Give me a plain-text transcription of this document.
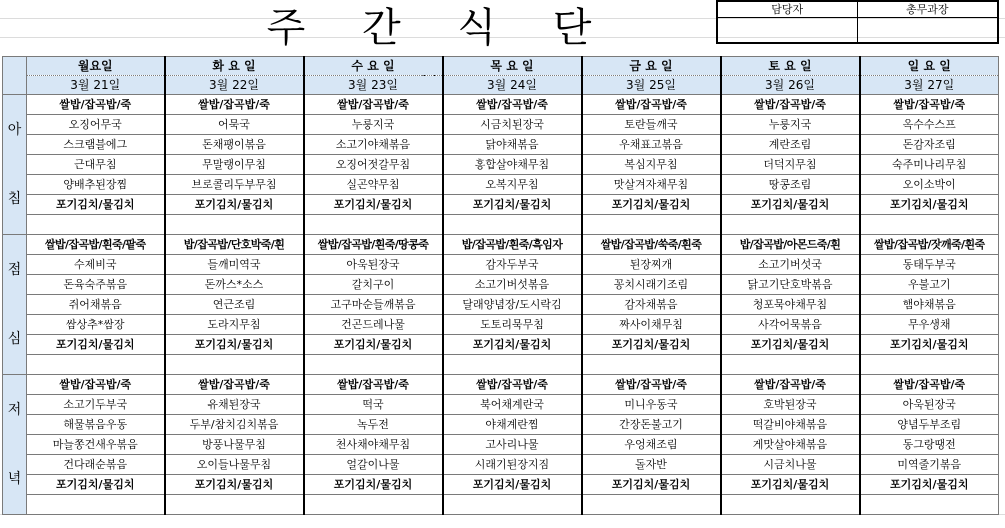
주 간 식 단	담당자	총무과장
	월요일	화 요 일	수 요 일	목 요 일	금 요 일	토 요 일	일 요 일
	3월 21일	3월 22일	3월 23일	3월 24일	3월 25일	3월 26일	3월 27일

아
침	쌀밥/잡곡밥/죽	쌀밥/잡곡밥/죽	쌀밥/잡곡밥/죽	쌀밥/잡곡밥/죽	쌀밥/잡곡밥/죽	쌀밥/잡곡밥/죽	쌀밥/잡곡밥/죽
	오징어무국	어묵국	누룽지국	시금치된장국	토란들깨국	누룽지국	옥수수스프
	스크램블에그	돈채팽이볶음	소고기야채볶음	닭야채볶음	우채표고볶음	계란조림	돈감자조림
	근대무침	무말랭이무침	오징어젓갈무침	홍합살야채무침	복심지무침	더덕지무침	숙주미나리무침
	양배추된장찜	브로콜리두부무침	실곤약무침	오복지무침	맛살겨자채무침	땅콩조림	오이소박이
	포기김치/물김치	포기김치/물김치	포기김치/물김치	포기김치/물김치	포기김치/물김치	포기김치/물김치	포기김치/물김치

점
심	쌀밥/잡곡밥/흰죽/팥죽	밥/잡곡밥/단호박죽/흰	쌀밥/잡곡밥/흰죽/땅콩죽	밥/잡곡밥/흰죽/흑임자	쌀밥/잡곡밥/쑥죽/흰죽	밥/잡곡밥/아몬드죽/흰	쌀밥/잡곡밥/잣깨죽/흰죽
	수제비국	들깨미역국	아욱된장국	감자두부국	된장찌개	소고기버섯국	동태두부국
	돈육숙주볶음	돈까스*소스	갈치구이	소고기버섯볶음	꽁치시래기조림	닭고기단호박볶음	우불고기
	쥐어채볶음	연근조림	고구마순들깨볶음	달래양념장/도시락김	감자채볶음	청포묵야채무침	햄야채볶음
	쌈상추*쌈장	도라지무침	건곤드레나물	도토리묵무침	짜사이채무침	사각어묵볶음	무우생채
	포기김치/물김치	포기김치/물김치	포기김치/물김치	포기김치/물김치	포기김치/물김치	포기김치/물김치	포기김치/물김치

저
녁	쌀밥/잡곡밥/죽	쌀밥/잡곡밥/죽	쌀밥/잡곡밥/죽	쌀밥/잡곡밥/죽	쌀밥/잡곡밥/죽	쌀밥/잡곡밥/죽	쌀밥/잡곡밥/죽
	소고기두부국	유채된장국	떡국	북어채계란국	미니우동국	호박된장국	아욱된장국
	해물볶음우동	두부/참치김치볶음	녹두전	야채계란찜	간장돈불고기	떡갈비야채볶음	양념두부조림
	마늘쫑건새우볶음	방풍나물무침	천사채야채무침	고사리나물	우엉채조림	게맛살야채볶음	동그랑땡전
	건다래순볶음	오이들나물무침	얼갈이나물	시래기된장지짐	돌자반	시금치나물	미역줄기볶음
	포기김치/물김치	포기김치/물김치	포기김치/물김치	포기김치/물김치	포기김치/물김치	포기김치/물김치	포기김치/물김치
